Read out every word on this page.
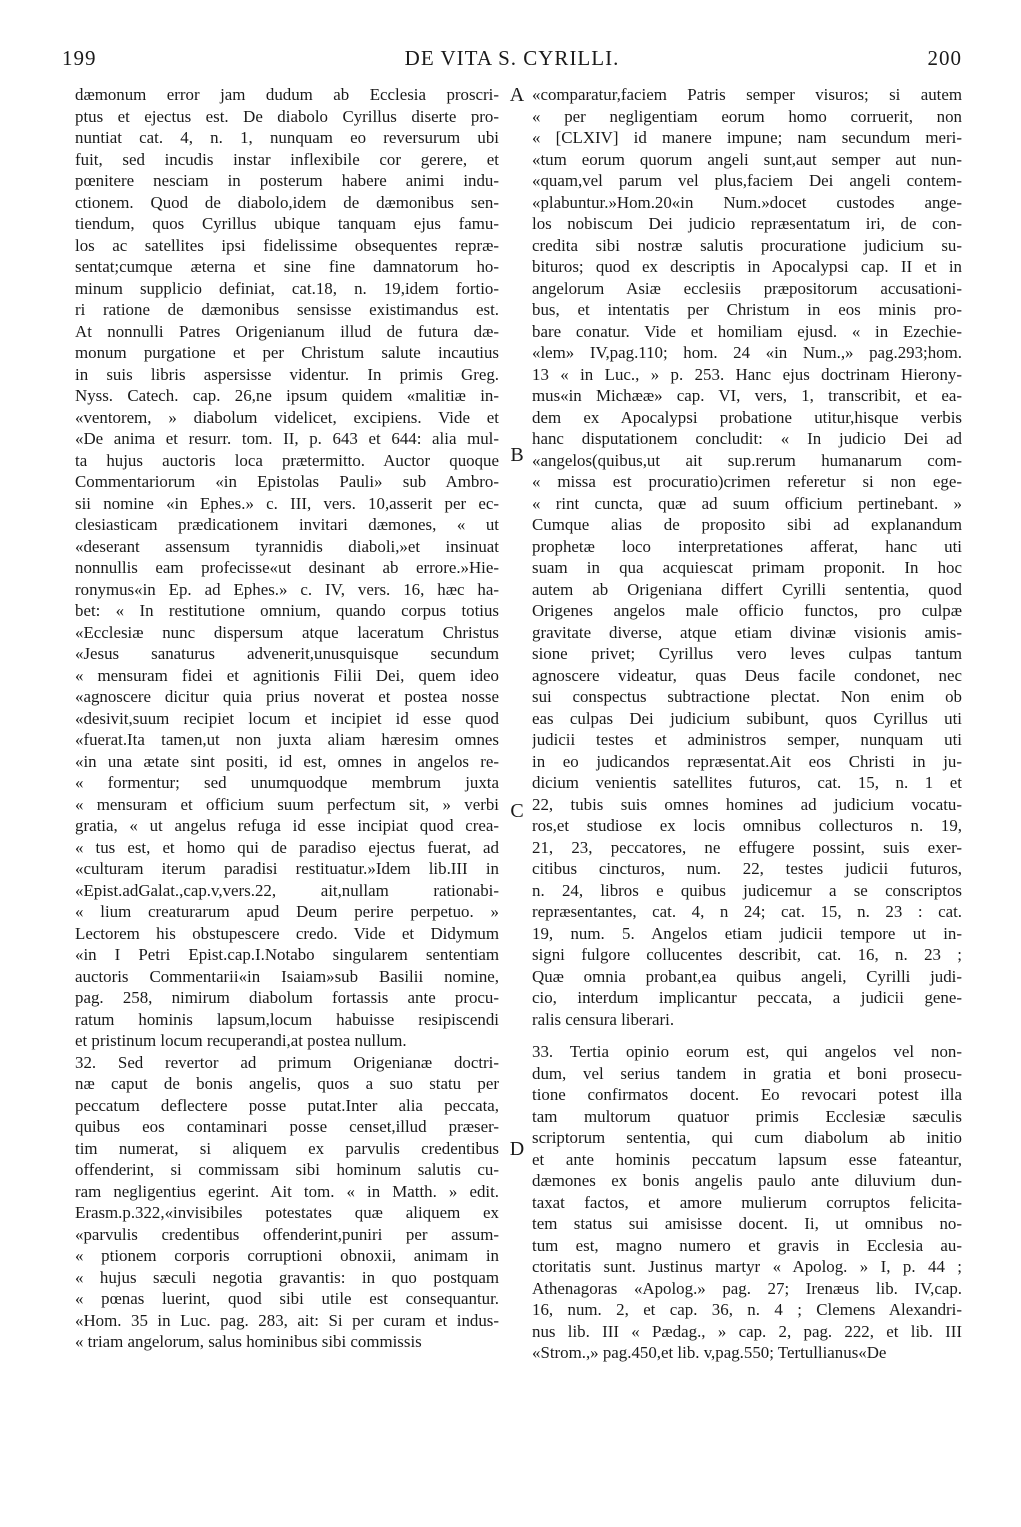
199	DE VITA S. CYRILLI.	200
A
B
C
D
dæmonum error jam dudum ab Ecclesia proscri-
ptus et ejectus est. De diabolo Cyrillus diserte pro-
nuntiat cat. 4, n. 1, nunquam eo reversurum ubi
fuit, sed incudis instar inflexibile cor gerere, et
pœnitere nesciam in posterum habere animi indu-
ctionem. Quod de diabolo,idem de dæmonibus sen-
tiendum, quos Cyrillus ubique tanquam ejus famu-
los ac satellites ipsi fidelissime obsequentes repræ-
sentat;cumque æterna et sine fine damnatorum ho-
minum supplicio definiat, cat.18, n. 19,idem fortio-
ri ratione de dæmonibus sensisse existimandus est.
At nonnulli Patres Origenianum illud de futura dæ-
monum purgatione et per Christum salute incautius
in suis libris aspersisse videntur. In primis Greg.
Nyss. Catech. cap. 26,ne ipsum quidem «malitiæ in-
«ventorem, » diabolum videlicet, excipiens. Vide et
«De anima et resurr. tom. II, p. 643 et 644: alia mul-
ta hujus auctoris loca prætermitto. Auctor quoque
Commentariorum «in Epistolas Pauli» sub Ambro-
sii nomine «in Ephes.» c. III, vers. 10,asserit per ec-
clesiasticam prædicationem invitari dæmones, « ut
«deserant assensum tyrannidis diaboli,»et insinuat
nonnullis eam profecisse«ut desinant ab errore.»Hie-
ronymus«in Ep. ad Ephes.» c. IV, vers. 16, hæc ha-
bet: « In restitutione omnium, quando corpus totius
«Ecclesiæ nunc dispersum atque laceratum Christus
«Jesus sanaturus advenerit,unusquisque secundum
« mensuram fidei et agnitionis Filii Dei, quem ideo
«agnoscere dicitur quia prius noverat et postea nosse
«desivit,suum recipiet locum et incipiet id esse quod
«fuerat.Ita tamen,ut non juxta aliam hæresim omnes
«in una ætate sint positi, id est, omnes in angelos re-
« formentur; sed unumquodque membrum juxta
« mensuram et officium suum perfectum sit, » verbi
gratia, « ut angelus refuga id esse incipiat quod crea-
« tus est, et homo qui de paradiso ejectus fuerat, ad
«culturam iterum paradisi restituatur.»Idem lib.III in
«Epist.adGalat.,cap.v,vers.22, ait,nullam rationabi-
« lium creaturarum apud Deum perire perpetuo. »
Lectorem his obstupescere credo. Vide et Didymum
«in I Petri Epist.cap.I.Notabo singularem sententiam
auctoris Commentarii«in Isaiam»sub Basilii nomine,
pag. 258, nimirum diabolum fortassis ante procu-
ratum hominis lapsum,locum habuisse resipiscendi
et pristinum locum recuperandi,at postea nullum.
32. Sed revertor ad primum Origenianæ doctri-
næ caput de bonis angelis, quos a suo statu per
peccatum deflectere posse putat.Inter alia peccata,
quibus eos contaminari posse censet,illud præser-
tim numerat, si aliquem ex parvulis credentibus
offenderint, si commissam sibi hominum salutis cu-
ram negligentius egerint. Ait tom. « in Matth. » edit.
Erasm.p.322,«invisibiles potestates quæ aliquem ex
«parvulis credentibus offenderint,puniri per assum-
« ptionem corporis corruptioni obnoxii, animam in
« hujus sæculi negotia gravantis: in quo postquam
« pœnas luerint, quod sibi utile est consequantur.
«Hom. 35 in Luc. pag. 283, ait: Si per curam et indus-
« triam angelorum, salus hominibus sibi commissis
«comparatur,faciem Patris semper visuros; si autem
« per negligentiam eorum homo corruerit, non
« [CLXIV] id manere impune; nam secundum meri-
«tum eorum quorum angeli sunt,aut semper aut nun-
«quam,vel parum vel plus,faciem Dei angeli contem-
«plabuntur.»Hom.20«in Num.»docet custodes ange-
los nobiscum Dei judicio repræsentatum iri, de con-
credita sibi nostræ salutis procuratione judicium su-
bituros; quod ex descriptis in Apocalypsi cap. II et in
angelorum Asiæ ecclesiis præpositorum accusationi-
bus, et intentatis per Christum in eos minis pro-
bare conatur. Vide et homiliam ejusd. « in Ezechie-
«lem» IV,pag.110; hom. 24 «in Num.,» pag.293;hom.
13 « in Luc., » p. 253. Hanc ejus doctrinam Hierony-
mus«in Michææ» cap. VI, vers, 1, transcribit, et ea-
dem ex Apocalypsi probatione utitur,hisque verbis
hanc disputationem concludit: « In judicio Dei ad
«angelos(quibus,ut ait sup.rerum humanarum com-
« missa est procuratio)crimen referetur si non ege-
« rint cuncta, quæ ad suum officium pertinebant. »
Cumque alias de proposito sibi ad explanandum
prophetæ loco interpretationes afferat, hanc uti
suam in qua acquiescat primam proponit. In hoc
autem ab Origeniana differt Cyrilli sententia, quod
Origenes angelos male officio functos, pro culpæ
gravitate diverse, atque etiam divinæ visionis amis-
sione privet; Cyrillus vero leves culpas tantum
agnoscere videatur, quas Deus facile condonet, nec
sui conspectus subtractione plectat. Non enim ob
eas culpas Dei judicium subibunt, quos Cyrillus uti
judicii testes et administros semper, nunquam uti
in eo judicandos repræsentat.Ait eos Christi in ju-
dicium venientis satellites futuros, cat. 15, n. 1 et
22, tubis suis omnes homines ad judicium vocatu-
ros,et studiose ex locis omnibus collecturos n. 19,
21, 23, peccatores, ne effugere possint, suis exer-
citibus cincturos, num. 22, testes judicii futuros,
n. 24, libros e quibus judicemur a se conscriptos
repræsentantes, cat. 4, n 24; cat. 15, n. 23 : cat.
19, num. 5. Angelos etiam judicii tempore ut in-
signi fulgore collucentes describit, cat. 16, n. 23 ;
Quæ omnia probant,ea quibus angeli, Cyrilli judi-
cio, interdum implicantur peccata, a judicii gene-
ralis censura liberari.
33. Tertia opinio eorum est, qui angelos vel non-
dum, vel serius tandem in gratia et boni prosecu-
tione confirmatos docent. Eo revocari potest illa
tam multorum quatuor primis Ecclesiæ sæculis
scriptorum sententia, qui cum diabolum ab initio
et ante hominis peccatum lapsum esse fateantur,
dæmones ex bonis angelis paulo ante diluvium dun-
taxat factos, et amore mulierum corruptos felicita-
tem status sui amisisse docent. Ii, ut omnibus no-
tum est, magno numero et gravis in Ecclesia au-
ctoritatis sunt. Justinus martyr « Apolog. » I, p. 44 ;
Athenagoras «Apolog.» pag. 27; Irenæus lib. IV,cap.
16, num. 2, et cap. 36, n. 4 ; Clemens Alexandri-
nus lib. III « Pædag., » cap. 2, pag. 222, et lib. III
«Strom.,» pag.450,et lib. v,pag.550; Tertullianus«De
